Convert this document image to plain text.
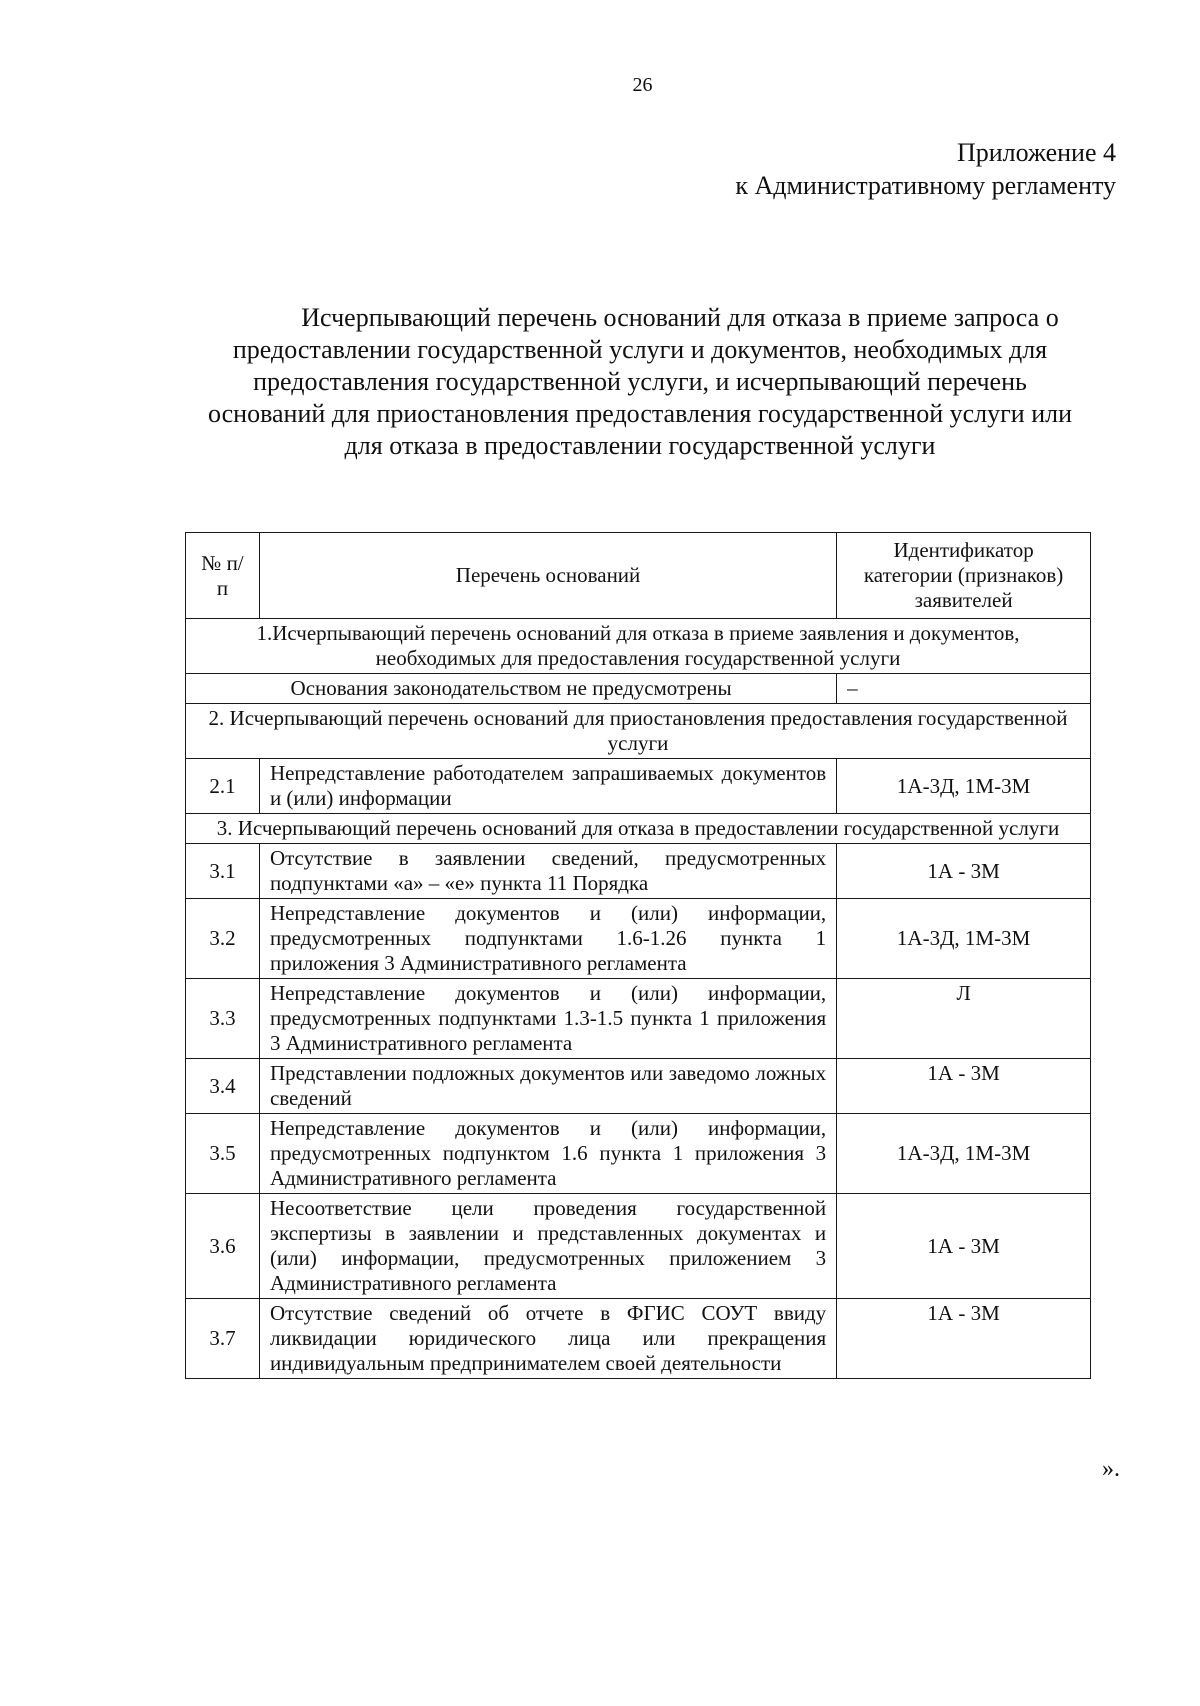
26
Приложение 4
к Административному регламенту
Исчерпывающий перечень оснований для отказа в приеме запроса о
предоставлении государственной услуги и документов, необходимых для
предоставления государственной услуги, и исчерпывающий перечень
оснований для приостановления предоставления государственной услуги или
для отказа в предоставлении государственной услуги
№ п/п	Перечень оснований	Идентификатор категории (признаков) заявителей
1.Исчерпывающий перечень оснований для отказа в приеме заявления и документов, необходимых для предоставления государственной услуги		
Основания законодательством не предусмотрены		–
2. Исчерпывающий перечень оснований для приостановления предоставления государственной услуги		
2.1	Непредставление работодателем запрашиваемых документов и (или) информации	1А-3Д, 1М-3М
3. Исчерпывающий перечень оснований для отказа в предоставлении государственной услуги		
3.1	Отсутствие в заявлении сведений, предусмотренных подпунктами «а» – «е» пункта 11 Порядка	1А - 3М
3.2	Непредставление документов и (или) информации, предусмотренных подпунктами 1.6-1.26 пункта 1 приложения 3 Административного регламента	1А-3Д, 1М-3М
3.3	Непредставление документов и (или) информации, предусмотренных подпунктами 1.3-1.5 пункта 1 приложения 3 Административного регламента	Л
3.4	Представлении подложных документов или заведомо ложных сведений	1А - 3М
3.5	Непредставление документов и (или) информации, предусмотренных подпунктом 1.6 пункта 1 приложения 3 Административного регламента	1А-3Д, 1М-3М
3.6	Несоответствие цели проведения государственной экспертизы в заявлении и представленных документах и (или) информации, предусмотренных приложением 3 Административного регламента	1А - 3М
3.7	Отсутствие сведений об отчете в ФГИС СОУТ ввиду ликвидации юридического лица или прекращения индивидуальным предпринимателем своей деятельности	1А - 3М
».
